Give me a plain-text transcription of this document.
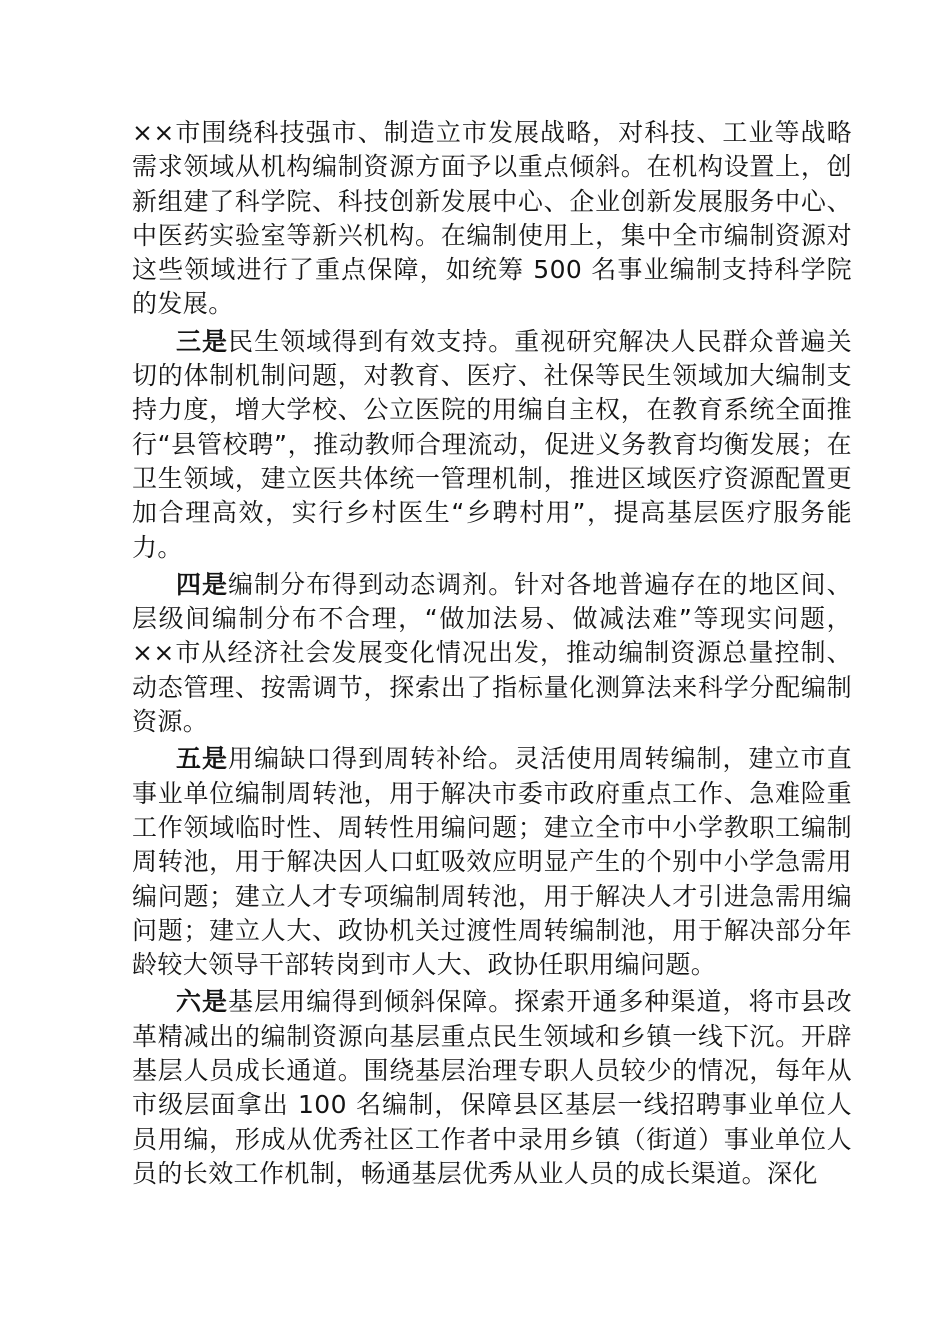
××市围绕科技强市、制造立市发展战略，对科技、工业等战略需求领域从机构编制资源方面予以重点倾斜。在机构设置上，创新组建了科学院、科技创新发展中心、企业创新发展服务中心、中医药实验室等新兴机构。在编制使用上，集中全市编制资源对这些领域进行了重点保障，如统筹 500 名事业编制支持科学院的发展。

三是民生领域得到有效支持。重视研究解决人民群众普遍关切的体制机制问题，对教育、医疗、社保等民生领域加大编制支持力度，增大学校、公立医院的用编自主权，在教育系统全面推行“县管校聘”，推动教师合理流动，促进义务教育均衡发展；在卫生领域，建立医共体统一管理机制，推进区域医疗资源配置更加合理高效，实行乡村医生“乡聘村用”，提高基层医疗服务能力。

四是编制分布得到动态调剂。针对各地普遍存在的地区间、层级间编制分布不合理，“做加法易、做减法难”等现实问题，××市从经济社会发展变化情况出发，推动编制资源总量控制、动态管理、按需调节，探索出了指标量化测算法来科学分配编制资源。

五是用编缺口得到周转补给。灵活使用周转编制，建立市直事业单位编制周转池，用于解决市委市政府重点工作、急难险重工作领域临时性、周转性用编问题；建立全市中小学教职工编制周转池，用于解决因人口虹吸效应明显产生的个别中小学急需用编问题；建立人才专项编制周转池，用于解决人才引进急需用编问题；建立人大、政协机关过渡性周转编制池，用于解决部分年龄较大领导干部转岗到市人大、政协任职用编问题。

六是基层用编得到倾斜保障。探索开通多种渠道，将市县改革精减出的编制资源向基层重点民生领域和乡镇一线下沉。开辟基层人员成长通道。围绕基层治理专职人员较少的情况，每年从市级层面拿出 100 名编制，保障县区基层一线招聘事业单位人员用编，形成从优秀社区工作者中录用乡镇（街道）事业单位人员的长效工作机制，畅通基层优秀从业人员的成长渠道。深化
